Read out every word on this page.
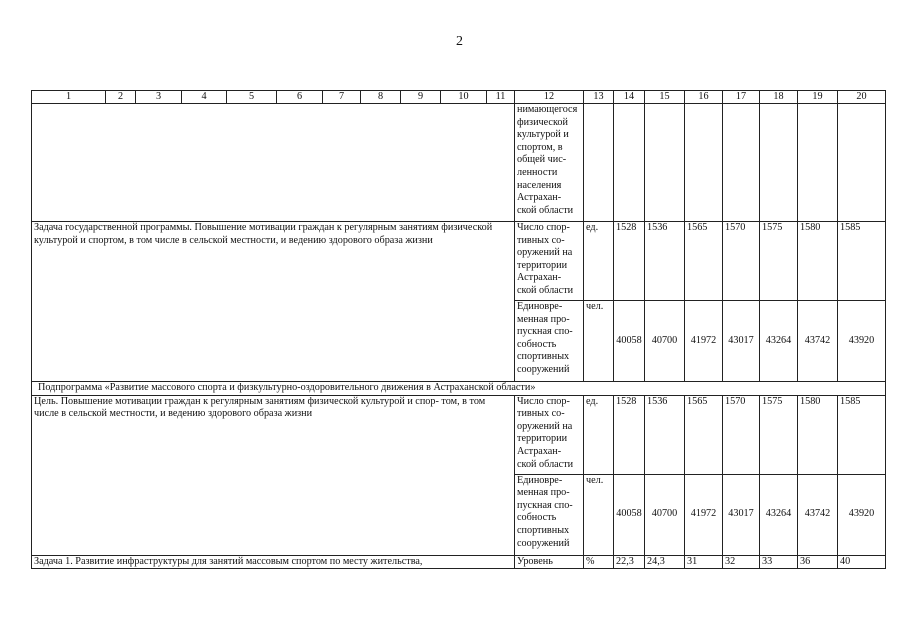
2
1	2	3	4	5	6	7	8	9	10	11	12	13	14	15	16	17	18	19	20
											нимающегося физической культурой и спортом, в общей чис- ленности населения Астрахан- ской области								
Задача государственной программы. Повышение мотивации граждан к регулярным занятиям физической культурой и спортом, в том числе в сельской местности, и ведению здорового образа жизни											Число спор- тивных со- оружений на территории Астрахан- ской области	ед.	1528	1536	1565	1570	1575	1580	1585
											Единовре- менная про- пускная спо- собность спортивных сооружений	чел.	40058	40700	41972	43017	43264	43742	43920
Подпрограмма «Развитие массового спорта и физкультурно-оздоровительного движения в Астраханской области»																			
Цель. Повышение мотивации граждан к регулярным занятиям физической культурой и спор- том, в том числе в сельской местности, и ведению здорового образа жизни											Число спор- тивных со- оружений на территории Астрахан- ской области	ед.	1528	1536	1565	1570	1575	1580	1585
											Единовре- менная про- пускная спо- собность спортивных сооружений	чел.	40058	40700	41972	43017	43264	43742	43920
Задача 1. Развитие инфраструктуры для занятий массовым спортом по месту жительства,											Уровень	%	22,3	24,3	31	32	33	36	40
